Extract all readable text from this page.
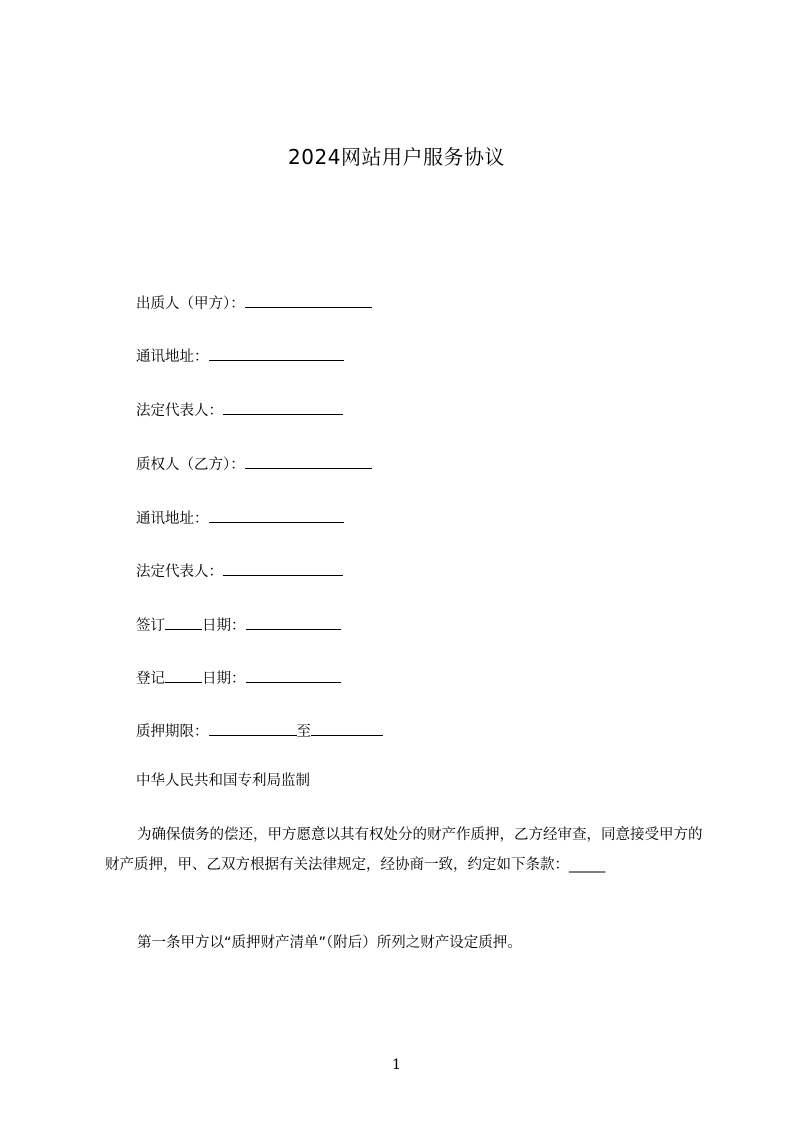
2024网站用户服务协议
出质人（甲方）：
通讯地址：
法定代表人：
质权人（乙方）：
通讯地址：
法定代表人：
签订	日期：
登记	日期：
质押期限：	至
中华人民共和国专利局监制
为确保债务的偿还，甲方愿意以其有权处分的财产作质押，乙方经审查，同意接受甲方的财产质押，甲、乙双方根据有关法律规定，经协商一致，约定如下条款：_____
第一条甲方以“质押财产清单”（附后）所列之财产设定质押。
1
